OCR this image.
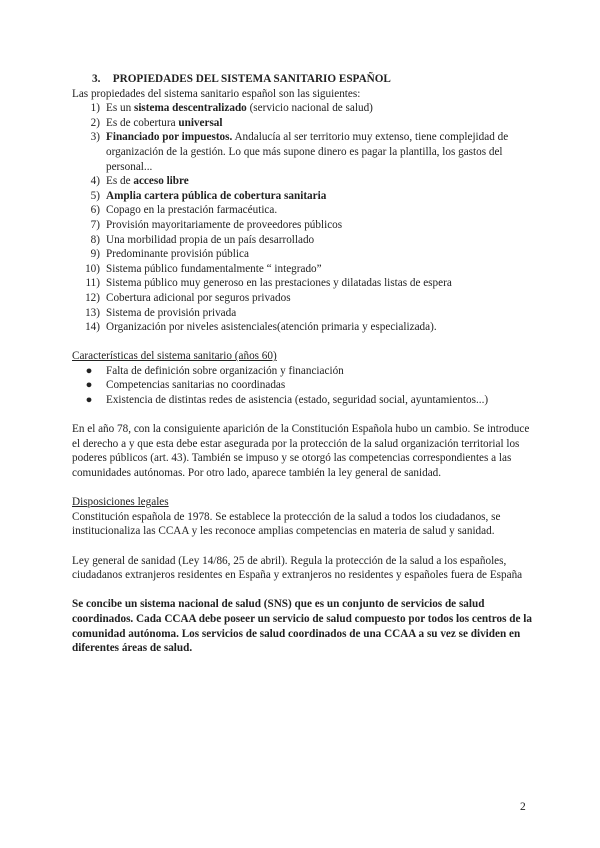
3. PROPIEDADES DEL SISTEMA SANITARIO ESPAÑOL

Las propiedades del sistema sanitario español son las siguientes:

1) Es un sistema descentralizado (servicio nacional de salud)
2) Es de cobertura universal
3) Financiado por impuestos. Andalucía al ser territorio muy extenso, tiene complejidad de organización de la gestión. Lo que más supone dinero es pagar la plantilla, los gastos del personal...
4) Es de acceso libre
5) Amplia cartera pública de cobertura sanitaria
6) Copago en la prestación farmacéutica.
7) Provisión mayoritariamente de proveedores públicos
8) Una morbilidad propia de un país desarrollado
9) Predominante provisión pública
10) Sistema público fundamentalmente “ integrado”
11) Sistema público muy generoso en las prestaciones y dilatadas listas de espera
12) Cobertura adicional por seguros privados
13) Sistema de provisión privada
14) Organización por niveles asistenciales(atención primaria y especializada).

Características del sistema sanitario (años 60)

●	Falta de definición sobre organización y financiación
●	Competencias sanitarias no coordinadas
●	Existencia de distintas redes de asistencia (estado, seguridad social, ayuntamientos...)

En el año 78, con la consiguiente aparición de la Constitución Española hubo un cambio. Se introduce el derecho a y que esta debe estar asegurada por la protección de la salud organización territorial los poderes públicos (art. 43). También se impuso y se otorgó las competencias correspondientes a las comunidades autónomas. Por otro lado, aparece también la ley general de sanidad.

Disposiciones legales

Constitución española de 1978. Se establece la protección de la salud a todos los ciudadanos, se institucionaliza las CCAA y les reconoce amplias competencias en materia de salud y sanidad.

Ley general de sanidad (Ley 14/86, 25 de abril). Regula la protección de la salud a los españoles, ciudadanos extranjeros residentes en España y extranjeros no residentes y españoles fuera de España

Se concibe un sistema nacional de salud (SNS) que es un conjunto de servicios de salud coordinados. Cada CCAA debe poseer un servicio de salud compuesto por todos los centros de la comunidad autónoma. Los servicios de salud coordinados de una CCAA a su vez se dividen en diferentes áreas de salud.

2
